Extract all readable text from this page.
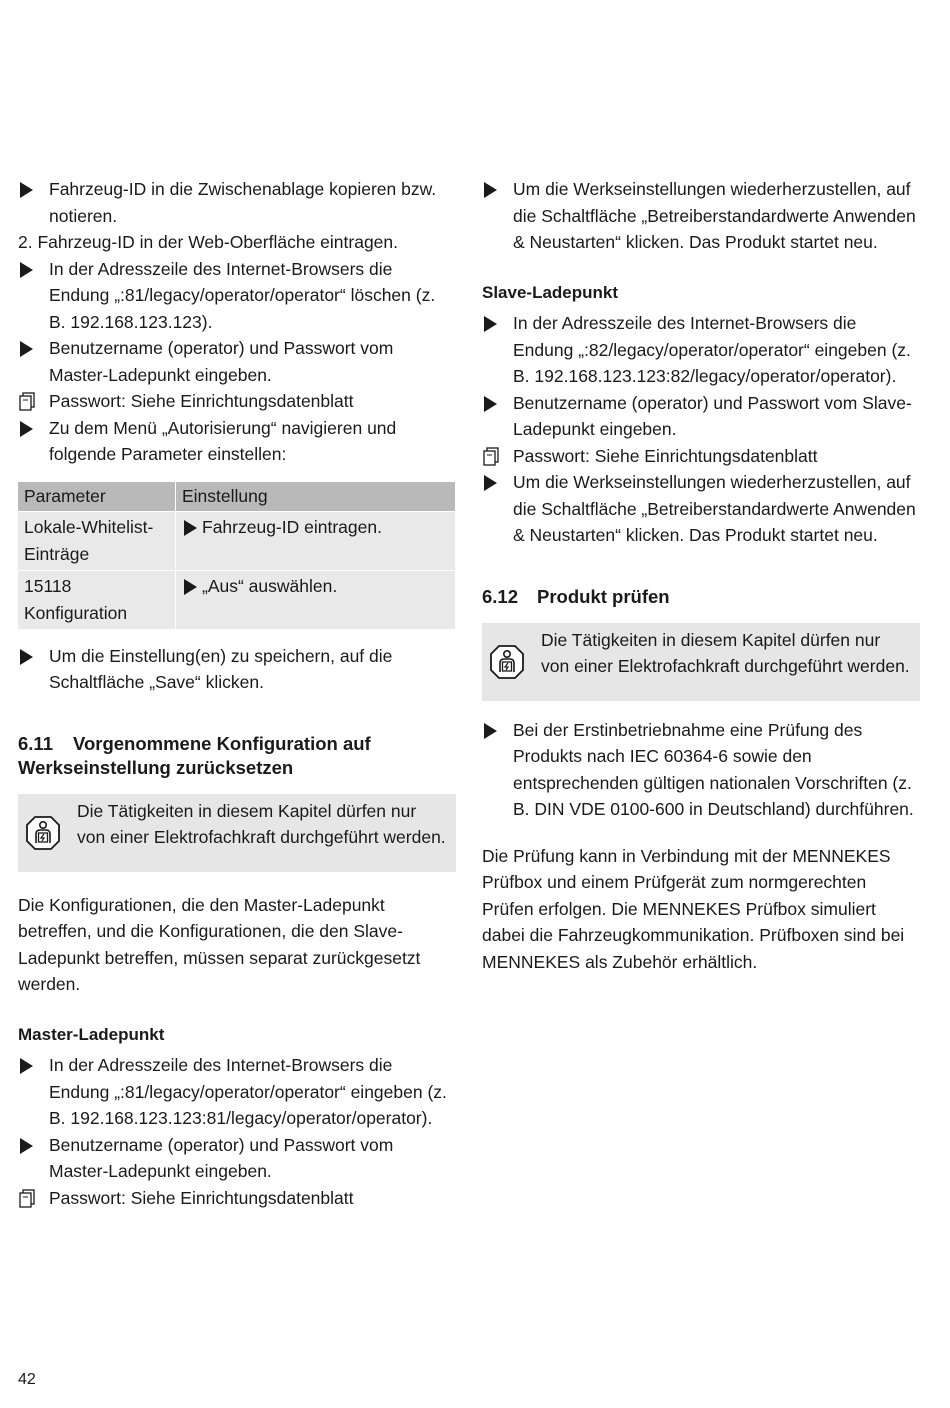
Fahrzeug-ID in die Zwischenablage kopieren bzw. notieren.
2. Fahrzeug-ID in der Web-Oberfläche eintragen.
In der Adresszeile des Internet-Browsers die Endung „:81/legacy/operator/operator“ löschen (z. B. 192.168.123.123).
Benutzername (operator) und Passwort vom Master-Ladepunkt eingeben.
Passwort: Siehe Einrichtungsdatenblatt
Zu dem Menü „Autorisierung“ navigieren und folgende Parameter einstellen:
Parameter	Einstellung
Lokale-Whitelist-Einträge	Fahrzeug-ID eintragen.

15118 Konfiguration	„Aus“ auswählen.
Um die Einstellung(en) zu speichern, auf die Schaltfläche „Save“ klicken.
6.11 Vorgenommene Konfiguration auf Werkseinstellung zurücksetzen
Die Tätigkeiten in diesem Kapitel dürfen nur von einer Elektrofachkraft durchgeführt werden.
Die Konfigurationen, die den Master-Ladepunkt betreffen, und die Konfigurationen, die den Slave-Ladepunkt betreffen, müssen separat zurückgesetzt werden.
Master-Ladepunkt
In der Adresszeile des Internet-Browsers die Endung „:81/legacy/operator/operator“ eingeben (z. B. 192.168.123.123:81/legacy/operator/operator).
Benutzername (operator) und Passwort vom Master-Ladepunkt eingeben.
Passwort: Siehe Einrichtungsdatenblatt
Um die Werkseinstellungen wiederherzustellen, auf die Schaltfläche „Betreiberstandardwerte Anwenden & Neustarten“ klicken. Das Produkt startet neu.
Slave-Ladepunkt
In der Adresszeile des Internet-Browsers die Endung „:82/legacy/operator/operator“ eingeben (z. B. 192.168.123.123:82/legacy/operator/operator).
Benutzername (operator) und Passwort vom Slave-Ladepunkt eingeben.
Passwort: Siehe Einrichtungsdatenblatt
Um die Werkseinstellungen wiederherzustellen, auf die Schaltfläche „Betreiberstandardwerte Anwenden & Neustarten“ klicken. Das Produkt startet neu.
6.12 Produkt prüfen
Die Tätigkeiten in diesem Kapitel dürfen nur von einer Elektrofachkraft durchgeführt werden.
Bei der Erstinbetriebnahme eine Prüfung des Produkts nach IEC 60364-6 sowie den entsprechenden gültigen nationalen Vorschriften (z. B. DIN VDE 0100-600 in Deutschland) durchführen.
Die Prüfung kann in Verbindung mit der MENNEKES Prüfbox und einem Prüfgerät zum normgerechten Prüfen erfolgen. Die MENNEKES Prüfbox simuliert dabei die Fahrzeugkommunikation. Prüfboxen sind bei MENNEKES als Zubehör erhältlich.
42
